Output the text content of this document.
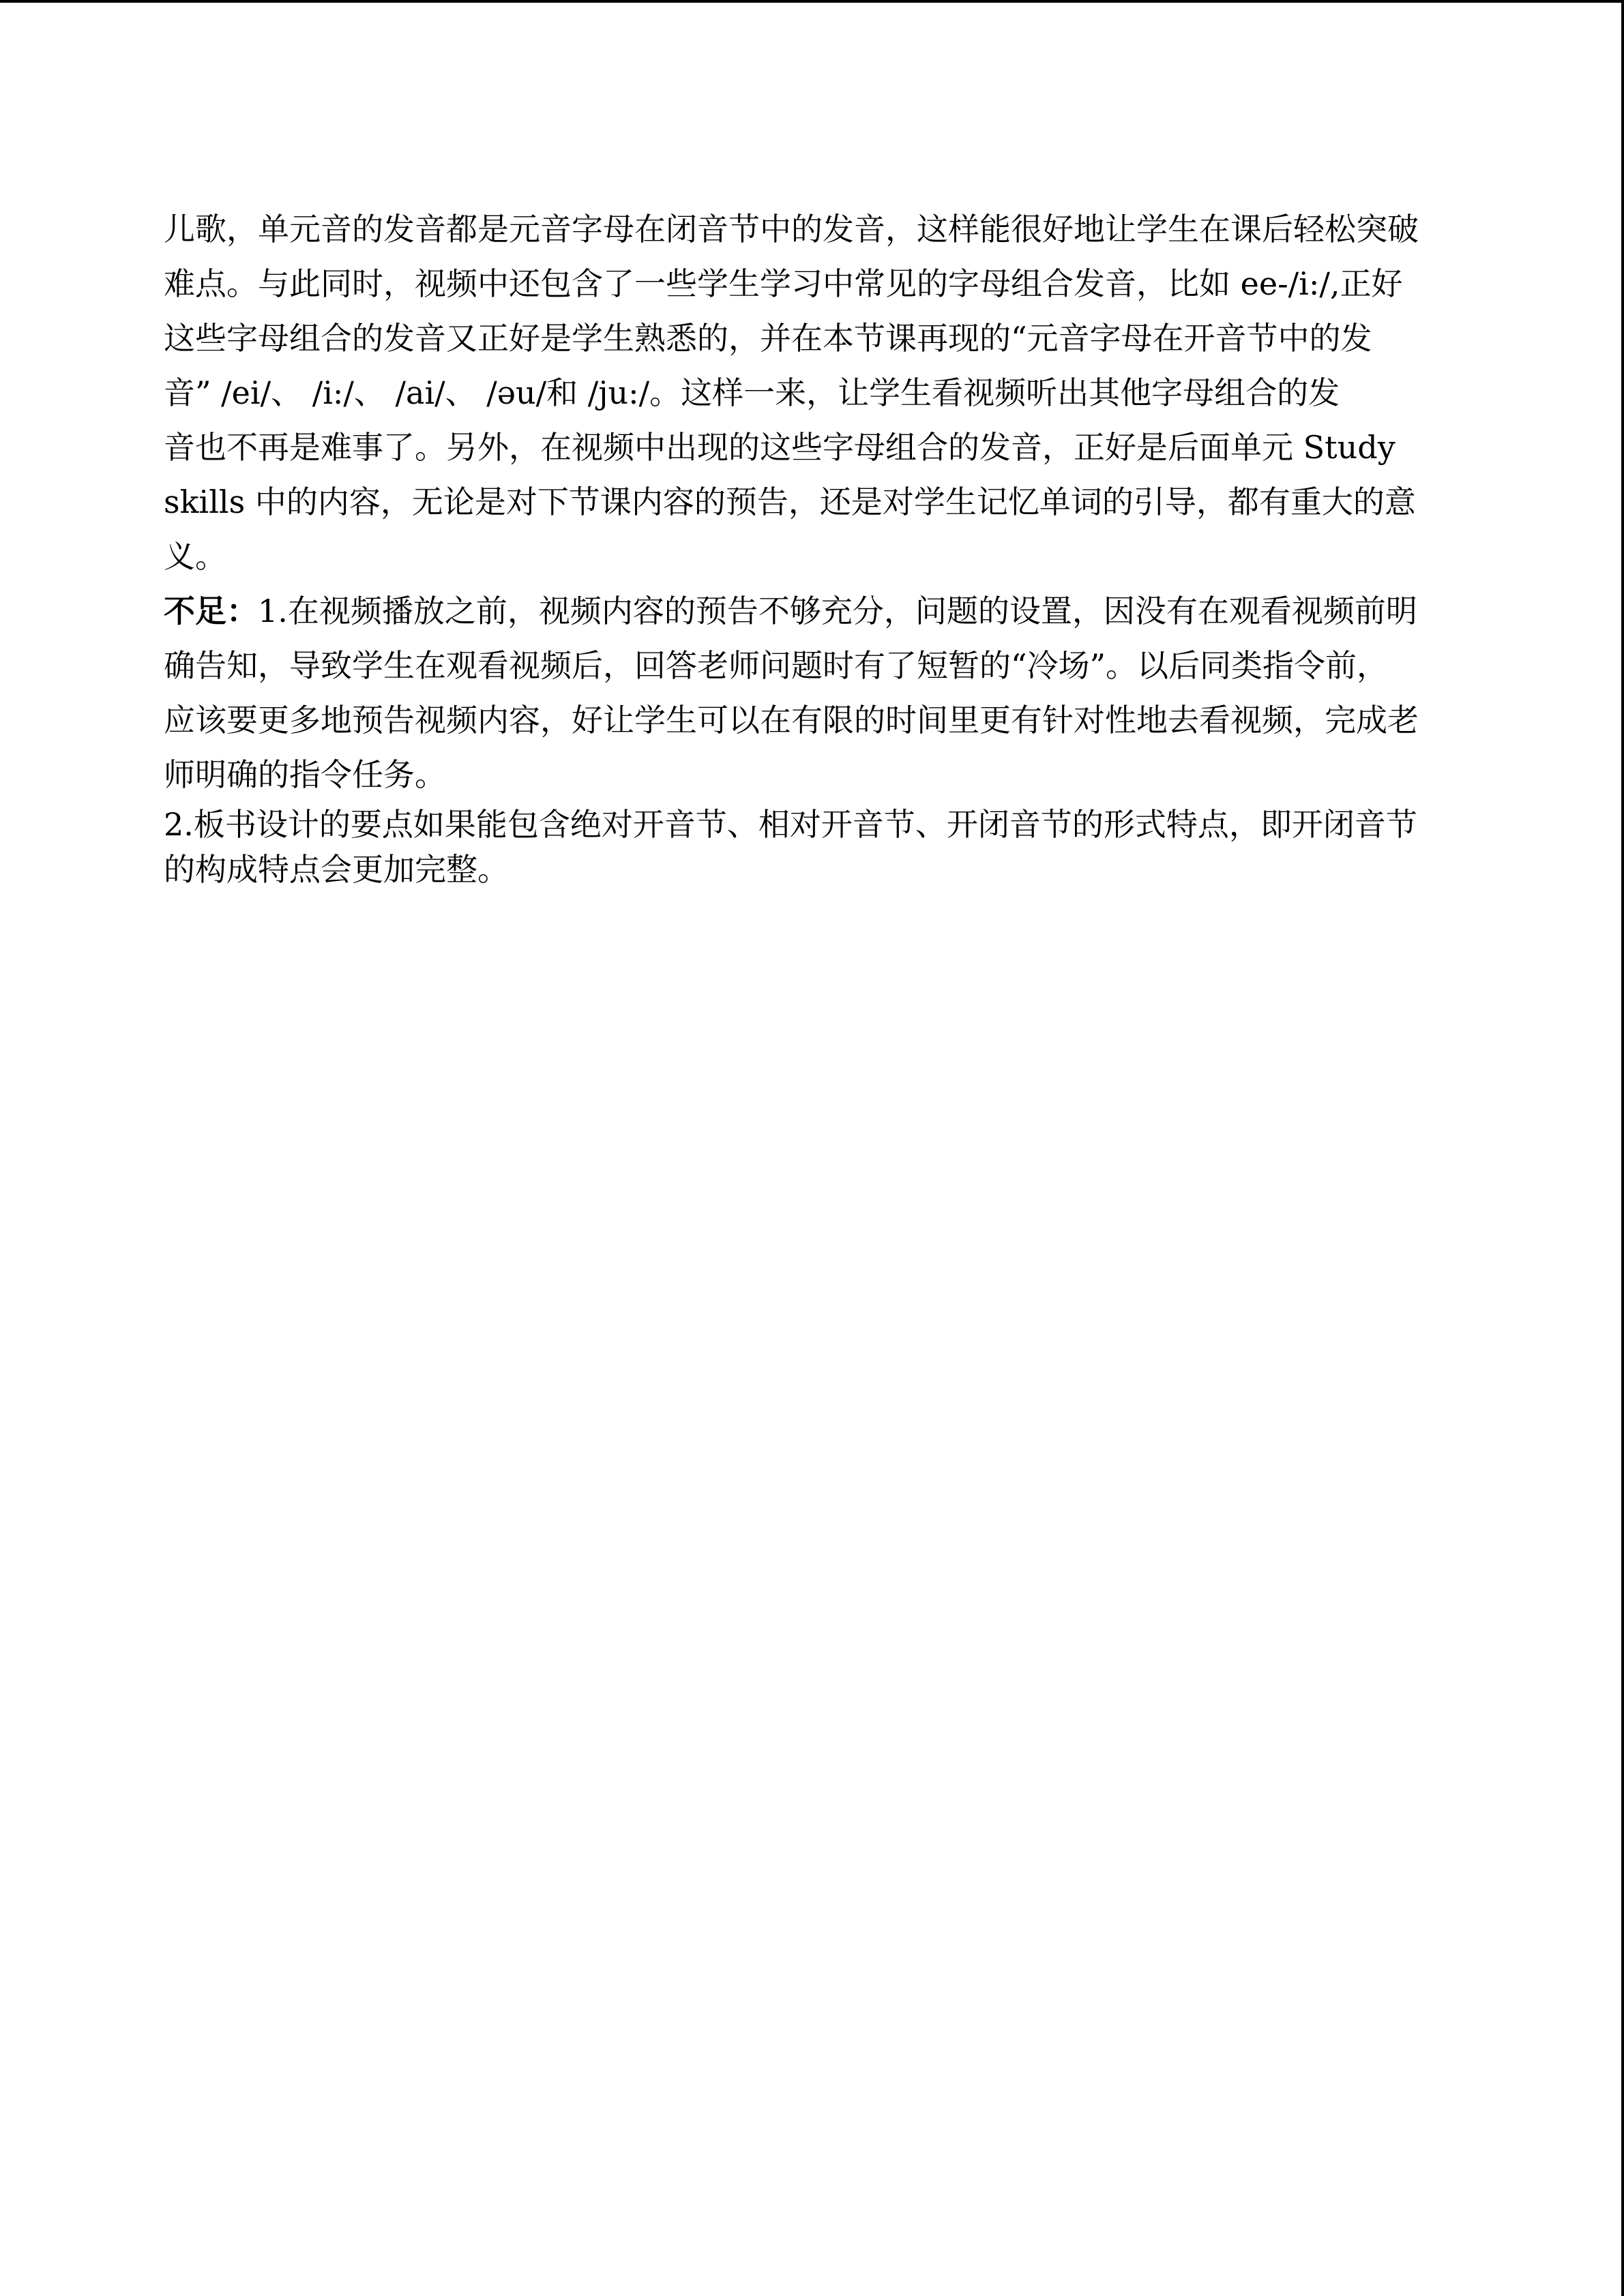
儿歌，单元音的发音都是元音字母在闭音节中的发音，这样能很好地让学生在课后轻松突破
难点。与此同时，视频中还包含了一些学生学习中常见的字母组合发音，比如 ee-/i:/,正好
这些字母组合的发音又正好是学生熟悉的，并在本节课再现的“元音字母在开音节中的发
音” /ei/、 /i:/、 /ai/、 /əu/和 /ju:/。这样一来，让学生看视频听出其他字母组合的发
音也不再是难事了。另外，在视频中出现的这些字母组合的发音，正好是后面单元 Study
skills 中的内容，无论是对下节课内容的预告，还是对学生记忆单词的引导，都有重大的意
义。
不足：1.在视频播放之前，视频内容的预告不够充分，问题的设置，因没有在观看视频前明
确告知，导致学生在观看视频后，回答老师问题时有了短暂的“冷场”。以后同类指令前，
应该要更多地预告视频内容，好让学生可以在有限的时间里更有针对性地去看视频，完成老
师明确的指令任务。
2.板书设计的要点如果能包含绝对开音节、相对开音节、开闭音节的形式特点，即开闭音节
的构成特点会更加完整。
